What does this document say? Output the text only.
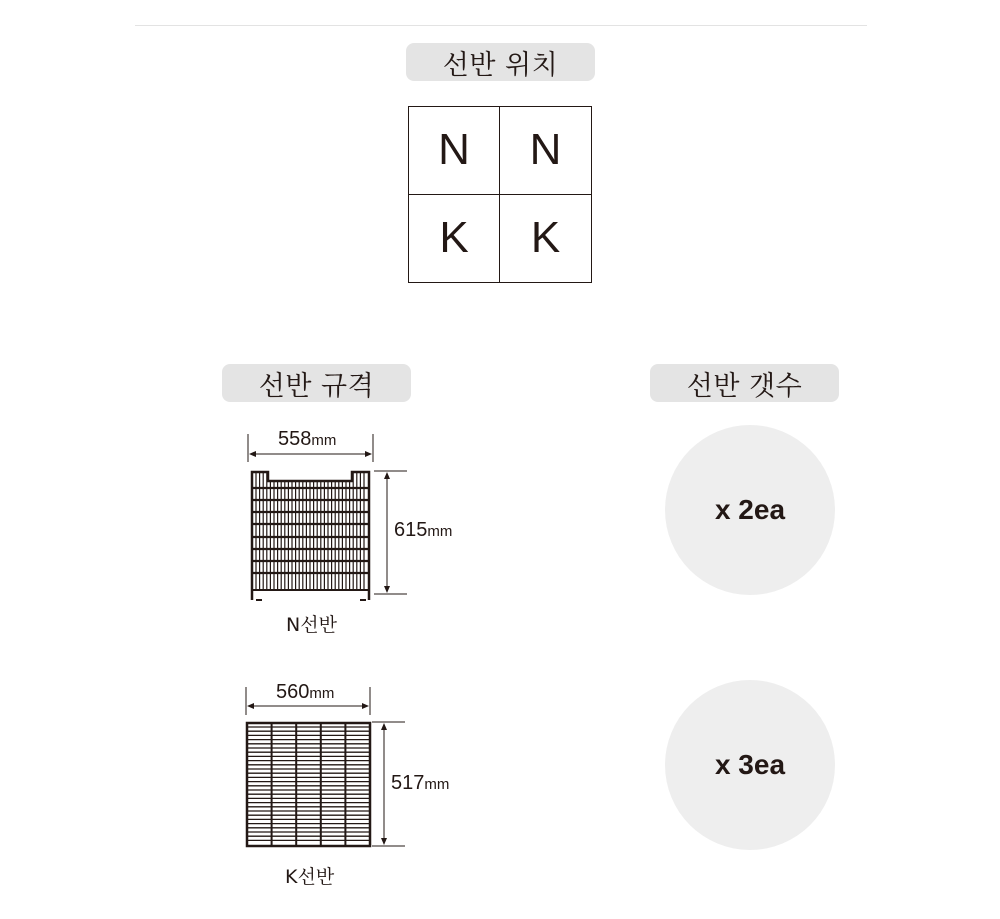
선반 위치
N	N
K	K
선반 규격	선반 갯수
558mm
615mm
N선반
560mm
517mm
K선반
x 2ea
x 3ea
